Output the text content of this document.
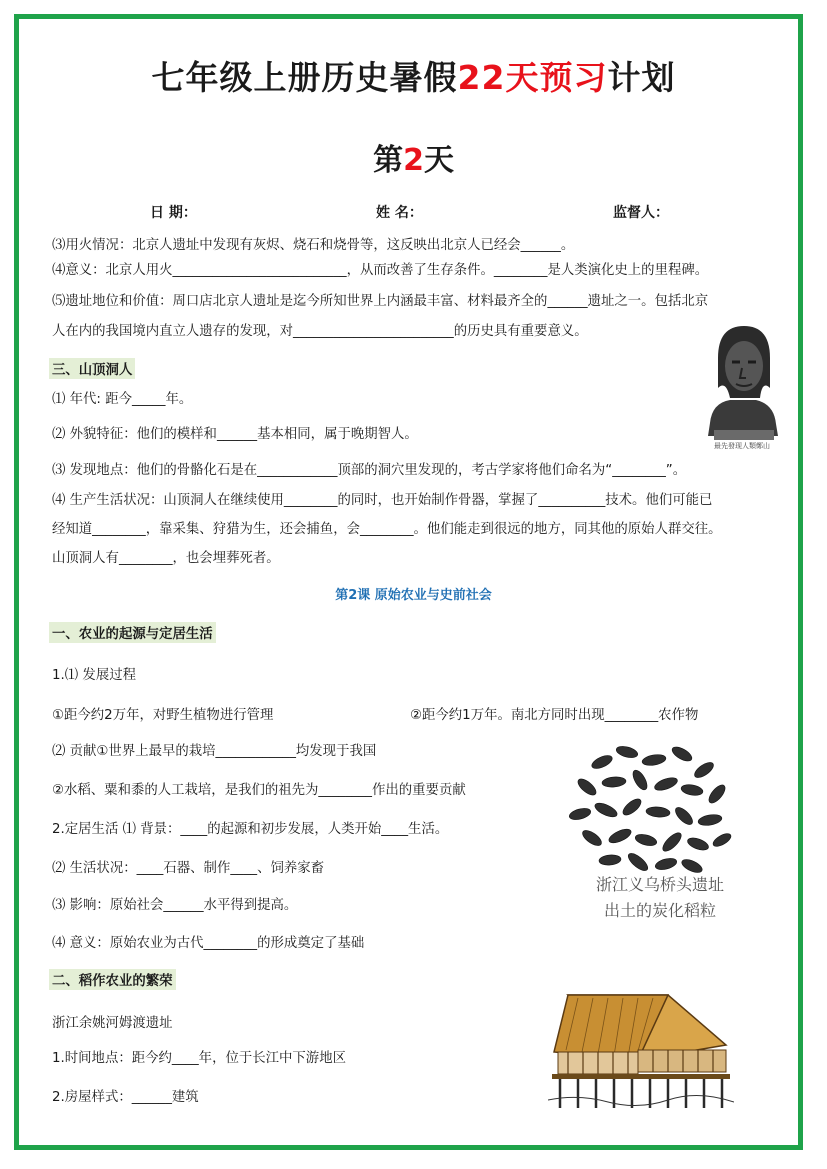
七年级上册历史暑假22天预习计划
第2天
日 期：	姓 名：	监督人：
⑶用火情况：北京人遗址中发现有灰烬、烧石和烧骨等，这反映出北京人已经会______。
⑷意义：北京人用火__________________________，从而改善了生存条件。________是人类演化史上的里程碑。
⑸遗址地位和价值：周口店北京人遗址是迄今所知世界上内涵最丰富、材料最齐全的______遗址之一。包括北京
人在内的我国境内直立人遗存的发现，对________________________的历史具有重要意义。
三、山顶洞人
⑴ 年代: 距今_____年。
⑵ 外貌特征：他们的模样和______基本相同，属于晚期智人。
⑶ 发现地点：他们的骨骼化石是在____________顶部的洞穴里发现的，考古学家将他们命名为“________”。
⑷ 生产生活状况：山顶洞人在继续使用________的同时，也开始制作骨器，掌握了__________技术。他们可能已
经知道________，靠采集、狩猎为生，还会捕鱼，会________。他们能走到很远的地方，同其他的原始人群交往。
山顶洞人有________，也会埋葬死者。
最先發现人類鄭山
第2课 原始农业与史前社会
一、农业的起源与定居生活
1.⑴ 发展过程
①距今约2万年，对野生植物进行管理	②距今约1万年。南北方同时出现________农作物
⑵ 贡献①世界上最早的栽培____________均发现于我国
②水稻、粟和黍的人工栽培，是我们的祖先为________作出的重要贡献
2.定居生活 ⑴ 背景：____的起源和初步发展，人类开始____生活。
⑵ 生活状况：____石器、制作____、饲养家畜
⑶ 影响：原始社会______水平得到提高。
⑷ 意义：原始农业为古代________的形成奠定了基础
浙江义乌桥头遗址
出土的炭化稻粒
二、稻作农业的繁荣
浙江余姚河姆渡遗址
1.时间地点：距今约____年，位于长江中下游地区
2.房屋样式：______建筑
